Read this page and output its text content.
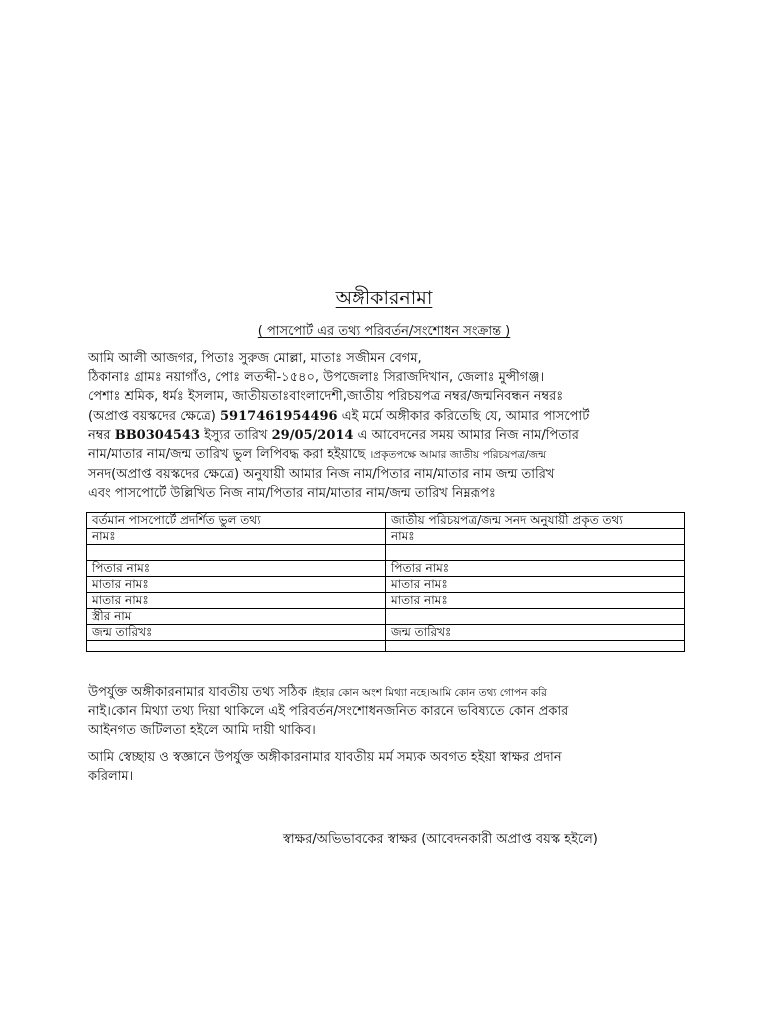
অঙ্গীকারনামা
( পাসপোর্ট এর তথ্য পরিবর্তন/সংশোধন সংক্রান্ত )
আমি আলী আজগর, পিতাঃ সুরুজ মোল্লা, মাতাঃ সজীমন বেগম,
ঠিকানাঃ গ্রামঃ নয়াগাঁও, পোঃ লতব্দী-১৫৪০, উপজেলাঃ সিরাজদিখান, জেলাঃ মুন্সীগঞ্জ।
পেশাঃ শ্রমিক, ধর্মঃ ইসলাম, জাতীয়তাঃবাংলাদেশী,জাতীয় পরিচয়পত্র নম্বর/জন্মনিবন্ধন নম্বরঃ
(অপ্রাপ্ত বয়স্কদের ক্ষেত্রে) 5917461954496 এই মর্মে অঙ্গীকার করিতেছি যে, আমার পাসপোর্ট
নম্বর BB0304543 ইস্যুর তারিখ 29/05/2014 এ আবেদনের সময় আমার নিজ নাম/পিতার
নাম/মাতার নাম/জন্ম তারিখ ভুল লিপিবদ্ধ করা হইয়াছে ।প্রকৃতপক্ষে আমার জাতীয় পরিচয়পত্র/জন্ম
সনদ(অপ্রাপ্ত বয়স্কদের ক্ষেত্রে) অনুযায়ী আমার নিজ নাম/পিতার নাম/মাতার নাম জন্ম তারিখ
এবং পাসপোর্টে উল্লিখিত নিজ নাম/পিতার নাম/মাতার নাম/জন্ম তারিখ নিম্নরূপঃ
বর্তমান পাসপোর্টে প্রদর্শিত ভুল তথ্য	জাতীয় পরিচয়পত্র/জন্ম সনদ অনুযায়ী প্রকৃত তথ্য
নামঃ	নামঃ

পিতার নামঃ	পিতার নামঃ
মাতার নামঃ	মাতার নামঃ
মাতার নামঃ	মাতার নামঃ
স্ত্রীর নাম	
জন্ম তারিখঃ	জন্ম তারিখঃ

উপর্যুক্ত অঙ্গীকারনামার যাবতীয় তথ্য সঠিক ।ইহার কোন অংশ মিথ্যা নহে।আমি কোন তথ্য গোপন করি
নাই।কোন মিথ্যা তথ্য দিয়া থাকিলে এই পরিবর্তন/সংশোধনজনিত কারনে ভবিষ্যতে কোন প্রকার
আইনগত জটিলতা হইলে আমি দায়ী থাকিব।
আমি স্বেচ্ছায় ও স্বজ্ঞানে উপর্যুক্ত অঙ্গীকারনামার যাবতীয় মর্ম সম্যক অবগত হইয়া স্বাক্ষর প্রদান
করিলাম।
স্বাক্ষর/অভিভাবকের স্বাক্ষর (আবেদনকারী অপ্রাপ্ত বয়স্ক হইলে)
